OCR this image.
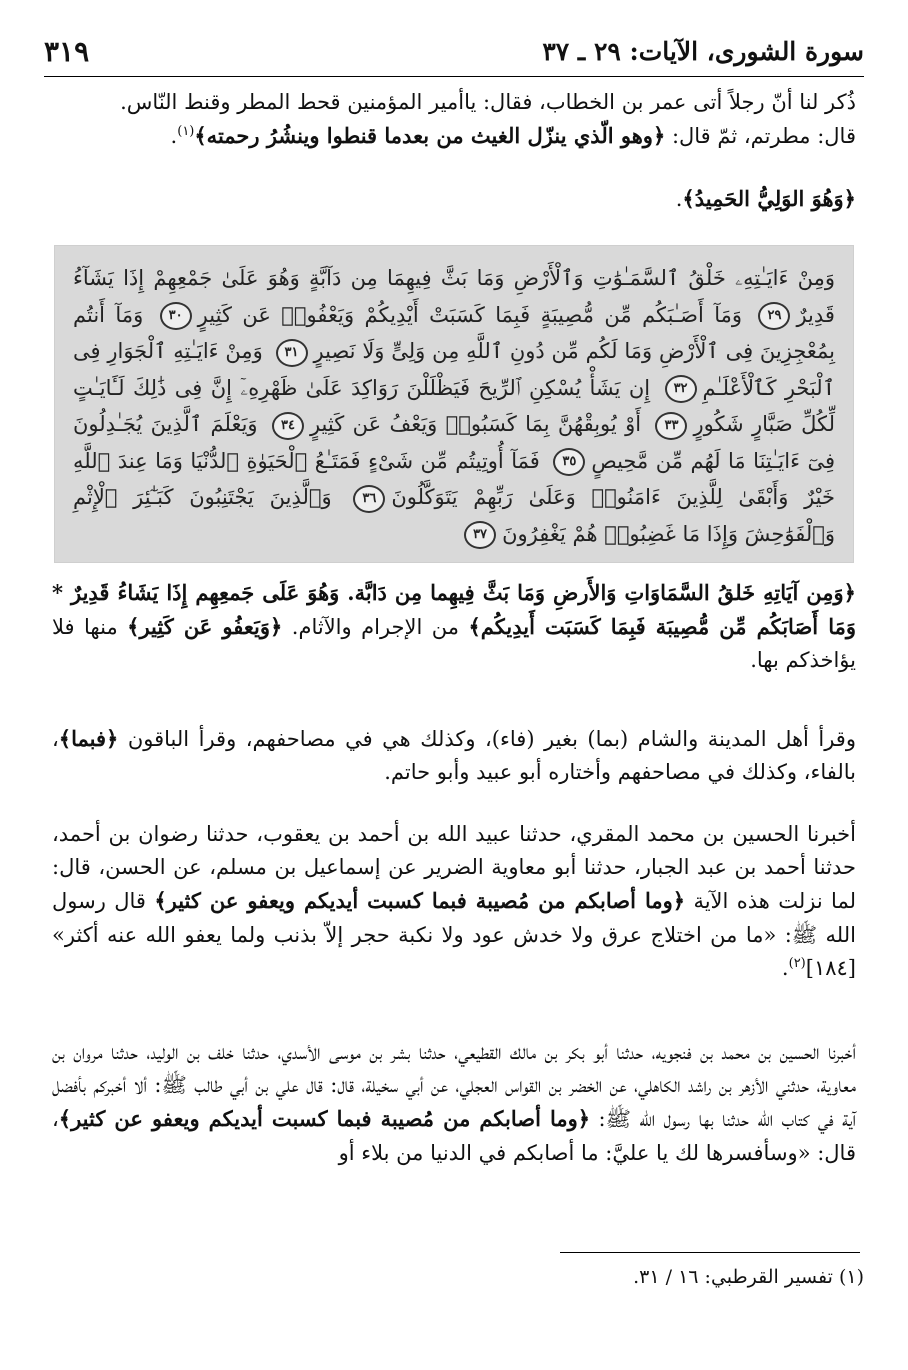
سورة الشورى، الآيات: ٢٩ ـ ٣٧
٣١٩

ذُكر لنا أنّ رجلاً أتى عمر بن الخطاب، فقال: ياأمير المؤمنين قحط المطر وقنط النّاس.
قال: مطرتم، ثمّ قال: ﴿وهو الّذي ينزّل الغيث من بعدما قنطوا وينشُرُ رحمته﴾$^{(١)}$.

﴿وَهُوَ الوَلِيُّ الحَمِيدُ﴾.

وَمِنْ ءَايَـٰتِهِۦ خَلْقُ ٱلسَّمَـٰوَٰتِ وَٱلْأَرْضِ وَمَا بَثَّ فِيهِمَا مِن دَآبَّةٍ وَهُوَ عَلَىٰ جَمْعِهِمْ إِذَا يَشَآءُ قَدِيرٌ٢٩ وَمَآ أَصَـٰبَكُم مِّن مُّصِيبَةٍ فَبِمَا كَسَبَتْ أَيْدِيكُمْ وَيَعْفُوا۟ عَن كَثِيرٍ٣٠ وَمَآ أَنتُم بِمُعْجِزِينَ فِى ٱلْأَرْضِ وَمَا لَكُم مِّن دُونِ ٱللَّهِ مِن وَلِىٍّ وَلَا نَصِيرٍ٣١ وَمِنْ ءَايَـٰتِهِ ٱلْجَوَارِ فِى ٱلْبَحْرِ كَٱلْأَعْلَـٰمِ٣٢ إِن يَشَأْ يُسْكِنِ ٱلرِّيحَ فَيَظْلَلْنَ رَوَاكِدَ عَلَىٰ ظَهْرِهِۦٓ إِنَّ فِى ذَٰلِكَ لَـَٔايَـٰتٍ لِّكُلِّ صَبَّارٍ شَكُورٍ٣٣ أَوْ يُوبِقْهُنَّ بِمَا كَسَبُوا۟ وَيَعْفُ عَن كَثِيرٍ٣٤ وَيَعْلَمَ ٱلَّذِينَ يُجَـٰدِلُونَ فِىٓ ءَايَـٰتِنَا مَا لَهُم مِّن مَّحِيصٍ٣٥ فَمَآ أُوتِيتُم مِّن شَىْءٍ فَمَتَـٰعُ ٱلْحَيَوٰةِ ٱلدُّنْيَا وَمَا عِندَ ٱللَّهِ خَيْرٌ وَأَبْقَىٰ لِلَّذِينَ ءَامَنُوا۟ وَعَلَىٰ رَبِّهِمْ يَتَوَكَّلُونَ٣٦ وَٱلَّذِينَ يَجْتَنِبُونَ كَبَـٰٓئِرَ ٱلْإِثْمِ وَٱلْفَوَٰحِشَ وَإِذَا مَا غَضِبُوا۟ هُمْ يَغْفِرُونَ٣٧

﴿وَمِن آيَاتِهِ خَلقُ السَّمَاوَاتِ وَالأَرضِ وَمَا بَثَّ فِيهِما مِن دَابَّة. وَهُوَ عَلَى جَمعِهِم إِذَا يَشَاءُ قَدِيرٌ * وَمَا أَصَابَكُم مِّن مُّصِيبَة فَبِمَا كَسَبَت أَيدِيكُم﴾ من الإجرام والآثام. ﴿وَيَعفُو عَن كَثِير﴾ منها فلا يؤاخذكم بها.

وقرأ أهل المدينة والشام (بما) بغير (فاء)، وكذلك هي في مصاحفهم، وقرأ الباقون ﴿فبما﴾، بالفاء، وكذلك في مصاحفهم وأختاره أبو عبيد وأبو حاتم.

أخبرنا الحسين بن محمد المقري، حدثنا عبيد الله بن أحمد بن يعقوب، حدثنا رضوان بن أحمد، حدثنا أحمد بن عبد الجبار، حدثنا أبو معاوية الضرير عن إسماعيل بن مسلم، عن الحسن، قال: لما نزلت هذه الآية ﴿وما أصابكم من مُصيبة فبما كسبت أيديكم ويعفو عن كثير﴾ قال رسول الله ﷺ: «ما من اختلاج عرق ولا خدش عود ولا نكبة حجر إلاّ بذنب ولما يعفو الله عنه أكثر» [١٨٤]$^{(٢)}$.

أخبرنا الحسين بن محمد بن فنجويه، حدثنا أبو بكر بن مالك القطيعي، حدثنا بشر بن موسى الأسدي، حدثنا خلف بن الوليد، حدثنا مروان بن معاوية، حدثني الأزهر بن راشد الكاهلي، عن الخضر بن القواس العجلي، عن أبي سخيلة، قال: قال علي بن أبي طالب ﷺ: ألا أخبركم بأفضل آية في كتاب الله حدثنا بها رسول الله ﷺ: ﴿وما أصابكم من مُصيبة فبما كسبت أيديكم ويعفو عن كثير﴾، قال: «وسأفسرها لك يا عليَّ: ما أصابكم في الدنيا من بلاء أو

(١) تفسير القرطبي: ١٦ / ٣١.
